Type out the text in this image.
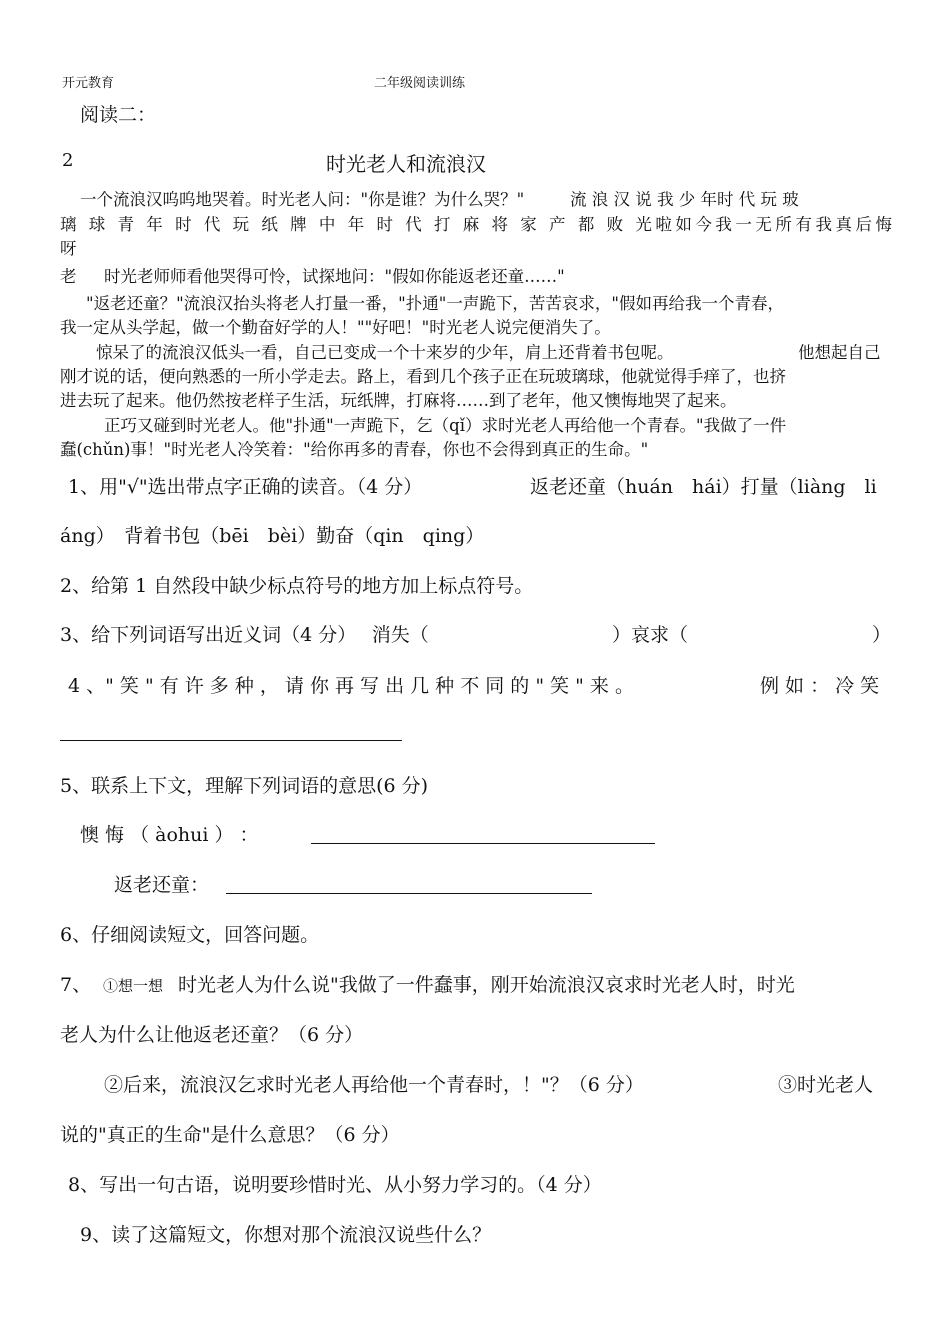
开元教育	二年级阅读训练
阅读二：
2	时光老人和流浪汉
一个流浪汉呜呜地哭着。时光老人问："你是谁？为什么哭？"	流 浪 汉 说 我 少 年时 代 玩 玻
璃 球 青 年 时 代 玩 纸 牌 中 年 时 代 打 麻 将 家 产 都 败 光啦如今我一无所有我真后悔
呀
老 时光老师师看他哭得可怜，试探地问："假如你能返老还童……"
"返老还童？"流浪汉抬头将老人打量一番，"扑通"一声跪下，苦苦哀求，"假如再给我一个青春，
我一定从头学起，做一个勤奋好学的人！""好吧！"时光老人说完便消失了。
惊呆了的流浪汉低头一看，自己已变成一个十来岁的少年，肩上还背着书包呢。	他想起自己
刚才说的话，便向熟悉的一所小学走去。路上，看到几个孩子正在玩玻璃球，他就觉得手痒了，也挤
进去玩了起来。他仍然按老样子生活，玩纸牌，打麻将……到了老年，他又懊悔地哭了起来。
正巧又碰到时光老人。他"扑通"一声跪下，乞（qǐ）求时光老人再给他一个青春。"我做了一件
蠢(chǔn)事！"时光老人冷笑着："给你再多的青春，你也不会得到真正的生命。"
1、用"√"选出带点字正确的读音。（4 分）	返老还童（huán　hái）打量（liàng　li
áng）　背着书包（bēi　bèi）勤奋（qin　qing）
2、给第 1 自然段中缺少标点符号的地方加上标点符号。
3、给下列词语写出近义词（4 分）　 消失（	）哀求（	）
4 、" 笑 " 有 许 多 种 ， 请 你 再 写 出 几 种 不 同 的 " 笑 " 来 。	例 如 ： 冷 笑
5、联系上下文，理解下列词语的意思(6 分)
懊 悔 （ àohui ） ：
返老还童：
6、仔细阅读短文，回答问题。
7、 ①想一想 时光老人为什么说"我做了一件蠢事，刚开始流浪汉哀求时光老人时，时光
老人为什么让他返老还童？（6 分）
②后来，流浪汉乞求时光老人再给他一个青春时，！"？（6 分）	③时光老人
说的"真正的生命"是什么意思？（6 分）
8、写出一句古语，说明要珍惜时光、从小努力学习的。（4 分）
9、读了这篇短文，你想对那个流浪汉说些什么？
